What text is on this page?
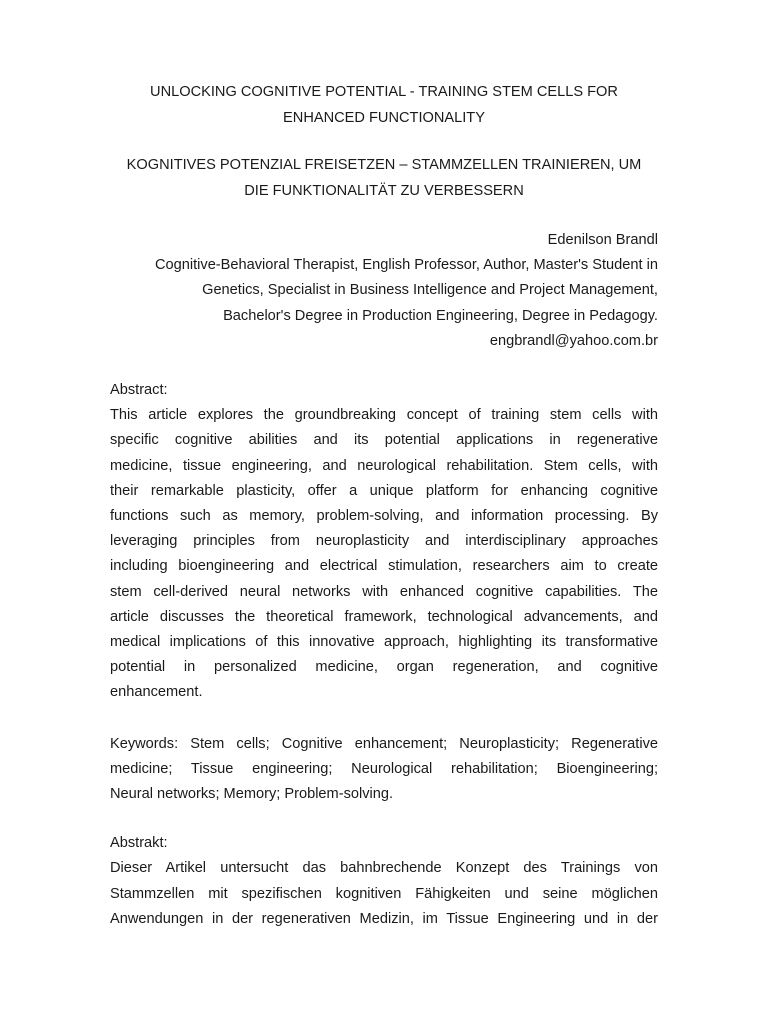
UNLOCKING COGNITIVE POTENTIAL - TRAINING STEM CELLS FOR
ENHANCED FUNCTIONALITY
KOGNITIVES POTENZIAL FREISETZEN – STAMMZELLEN TRAINIEREN, UM
DIE FUNKTIONALITÄT ZU VERBESSERN
Edenilson Brandl
Cognitive-Behavioral Therapist, English Professor, Author, Master's Student in
Genetics, Specialist in Business Intelligence and Project Management,
Bachelor's Degree in Production Engineering, Degree in Pedagogy.
engbrandl@yahoo.com.br
Abstract:
This article explores the groundbreaking concept of training stem cells with
specific cognitive abilities and its potential applications in regenerative
medicine, tissue engineering, and neurological rehabilitation. Stem cells, with
their remarkable plasticity, offer a unique platform for enhancing cognitive
functions such as memory, problem-solving, and information processing. By
leveraging principles from neuroplasticity and interdisciplinary approaches
including bioengineering and electrical stimulation, researchers aim to create
stem cell-derived neural networks with enhanced cognitive capabilities. The
article discusses the theoretical framework, technological advancements, and
medical implications of this innovative approach, highlighting its transformative
potential in personalized medicine, organ regeneration, and cognitive
enhancement.
Keywords: Stem cells; Cognitive enhancement; Neuroplasticity; Regenerative
medicine; Tissue engineering; Neurological rehabilitation; Bioengineering;
Neural networks; Memory; Problem-solving.
Abstrakt:
Dieser Artikel untersucht das bahnbrechende Konzept des Trainings von
Stammzellen mit spezifischen kognitiven Fähigkeiten und seine möglichen
Anwendungen in der regenerativen Medizin, im Tissue Engineering und in der
